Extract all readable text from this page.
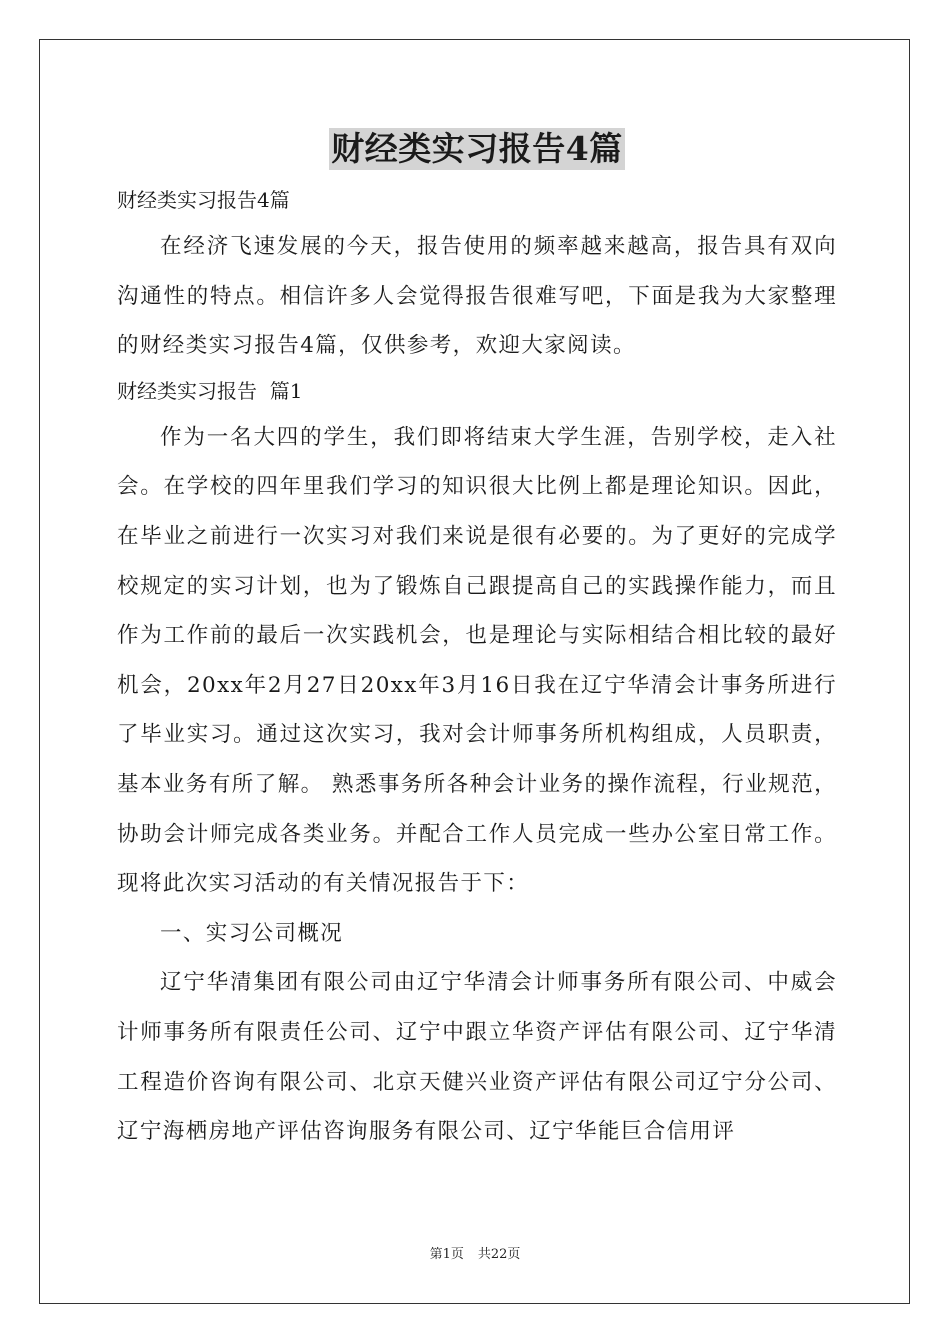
财经类实习报告4篇

财经类实习报告4篇

在经济飞速发展的今天，报告使用的频率越来越高，报告具有双向沟通性的特点。相信许多人会觉得报告很难写吧，下面是我为大家整理的财经类实习报告4篇，仅供参考，欢迎大家阅读。

财经类实习报告  篇1

作为一名大四的学生，我们即将结束大学生涯，告别学校，走入社会。在学校的四年里我们学习的知识很大比例上都是理论知识。因此，在毕业之前进行一次实习对我们来说是很有必要的。为了更好的完成学校规定的实习计划，也为了锻炼自己跟提高自己的实践操作能力，而且作为工作前的最后一次实践机会，也是理论与实际相结合相比较的最好机会，20xx年2月27日20xx年3月16日我在辽宁华清会计事务所进行了毕业实习。通过这次实习，我对会计师事务所机构组成，人员职责，基本业务有所了解。 熟悉事务所各种会计业务的操作流程，行业规范，协助会计师完成各类业务。并配合工作人员完成一些办公室日常工作。现将此次实习活动的有关情况报告于下：

一、实习公司概况

辽宁华清集团有限公司由辽宁华清会计师事务所有限公司、中威会计师事务所有限责任公司、辽宁中跟立华资产评估有限公司、辽宁华清工程造价咨询有限公司、北京天健兴业资产评估有限公司辽宁分公司、辽宁海栖房地产评估咨询服务有限公司、辽宁华能巨合信用评

第1页 共22页
